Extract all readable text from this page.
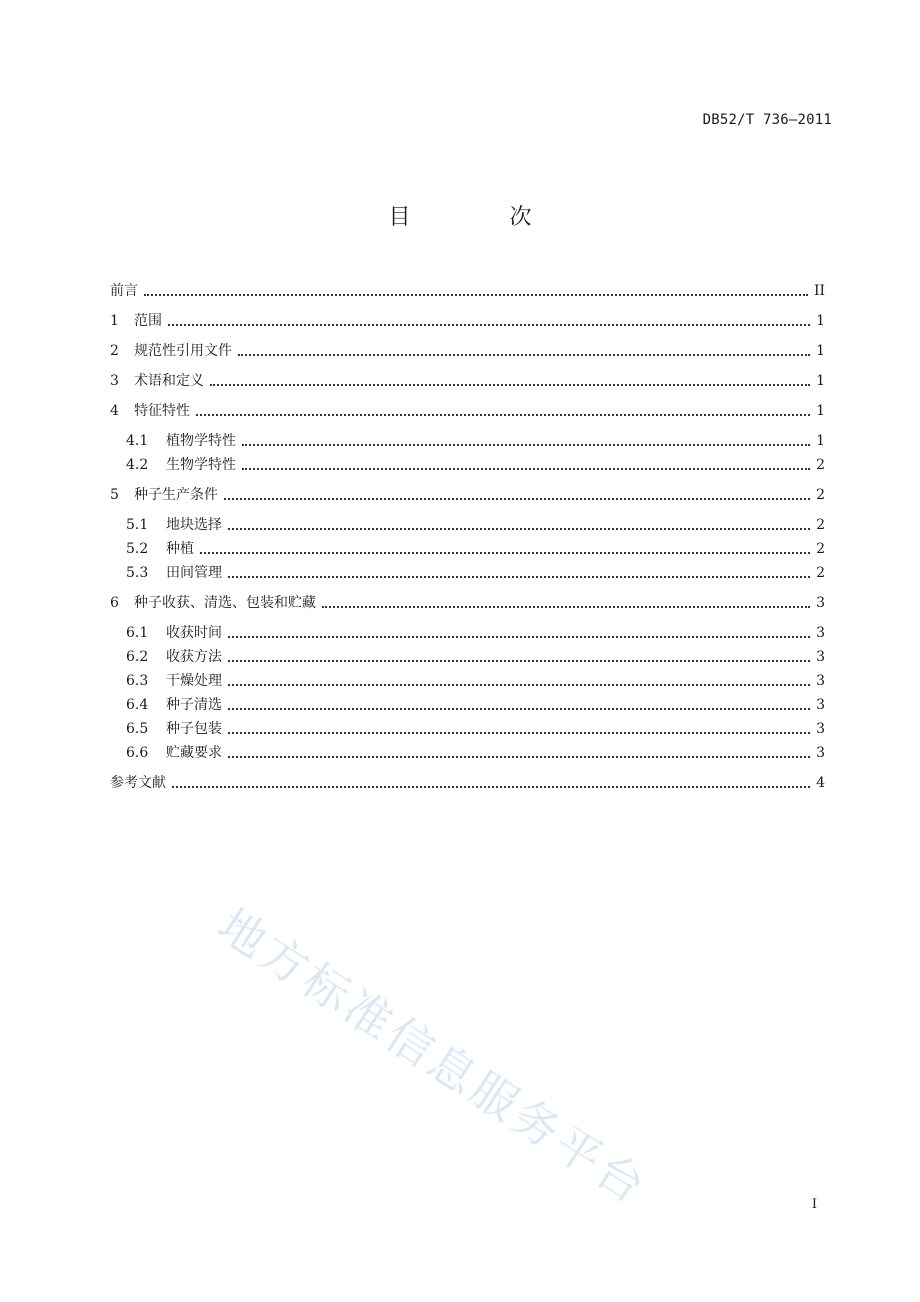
DB52/T 736—2011
目 次
前言	II
1	范围	1
2	规范性引用文件	1
3	术语和定义	1
4	特征特性	1
4.1	植物学特性	1
4.2	生物学特性	2
5	种子生产条件	2
5.1	地块选择	2
5.2	种植	2
5.3	田间管理	2
6	种子收获、清选、包装和贮藏	3
6.1	收获时间	3
6.2	收获方法	3
6.3	干燥处理	3
6.4	种子清选	3
6.5	种子包装	3
6.6	贮藏要求	3
参考文献	4
地方标准信息服务平台	I
